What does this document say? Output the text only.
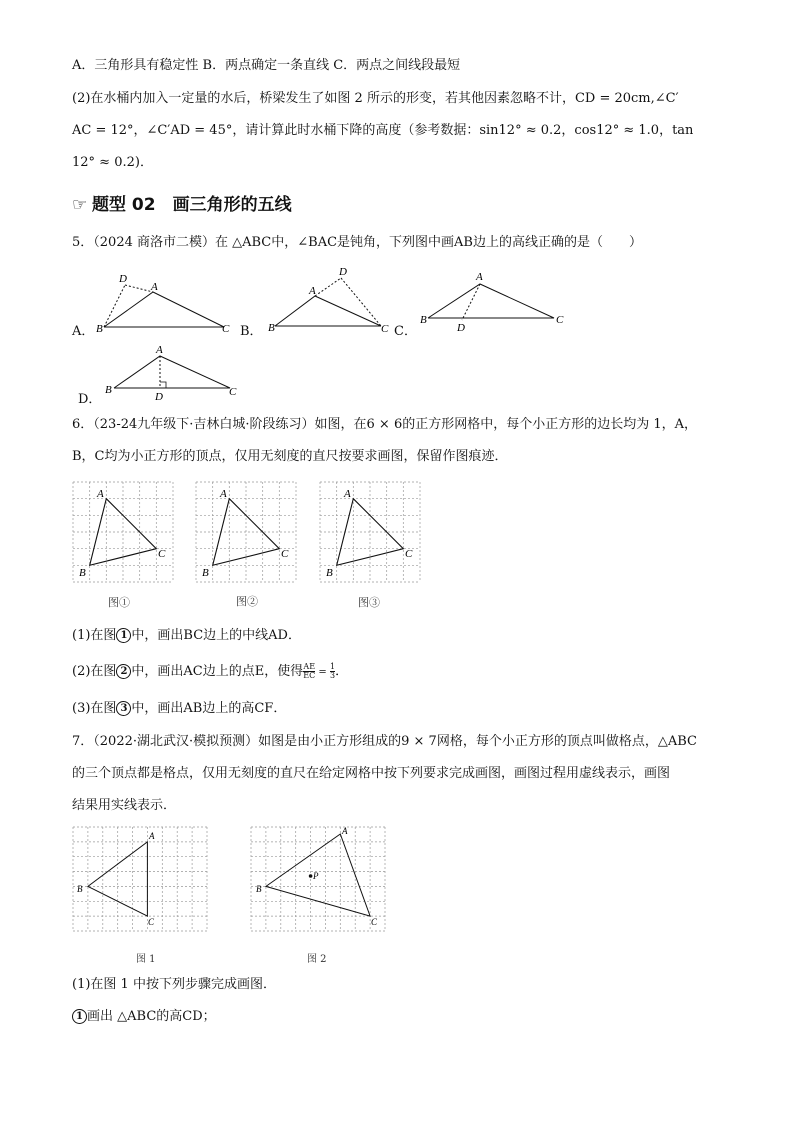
A．三角形具有稳定性 B．两点确定一条直线 C．两点之间线段最短
(2)在水桶内加入一定量的水后，桥梁发生了如图 2 所示的形变，若其他因素忽略不计，CD = 20cm,∠C′
AC = 12°，∠C′AD = 45°，请计算此时水桶下降的高度（参考数据：sin12° ≈ 0.2，cos12° ≈ 1.0，tan
12° ≈ 0.2)．
☞ 题型 02　画三角形的五线
5．（2024 商洛市二模）在 △ABC中，∠BAC是钝角，下列图中画AB边上的高线正确的是（　　）
A．
D
A
B	C B．
D
A
B	C C．
A
B	C
D
D．
A
B	C
D
6．（23-24九年级下·吉林白城·阶段练习）如图，在6 × 6的正方形网格中，每个小正方形的边长均为 1，A，
B，C均为小正方形的顶点，仅用无刻度的直尺按要求画图，保留作图痕迹．
A
C
B
A
C
B
A
C
B
图①	图②	图③
(1)在图 1 中，画出BC边上的中线AD．
(2)在图 2 中，画出AC边上的点E，使得 $\frac{AE}{EC} = \frac{1}{3}$ ．
(3)在图 3 中，画出AB边上的高CF．
7．（2022·湖北武汉·模拟预测）如图是由小正方形组成的9 × 7网格，每个小正方形的顶点叫做格点，△ABC
的三个顶点都是格点，仅用无刻度的直尺在给定网格中按下列要求完成画图，画图过程用虚线表示，画图
结果用实线表示．
A
B
C
A
B
C
P
图 1	图 2
(1)在图 1 中按下列步骤完成画图．
1 画出 △ABC的高CD；
